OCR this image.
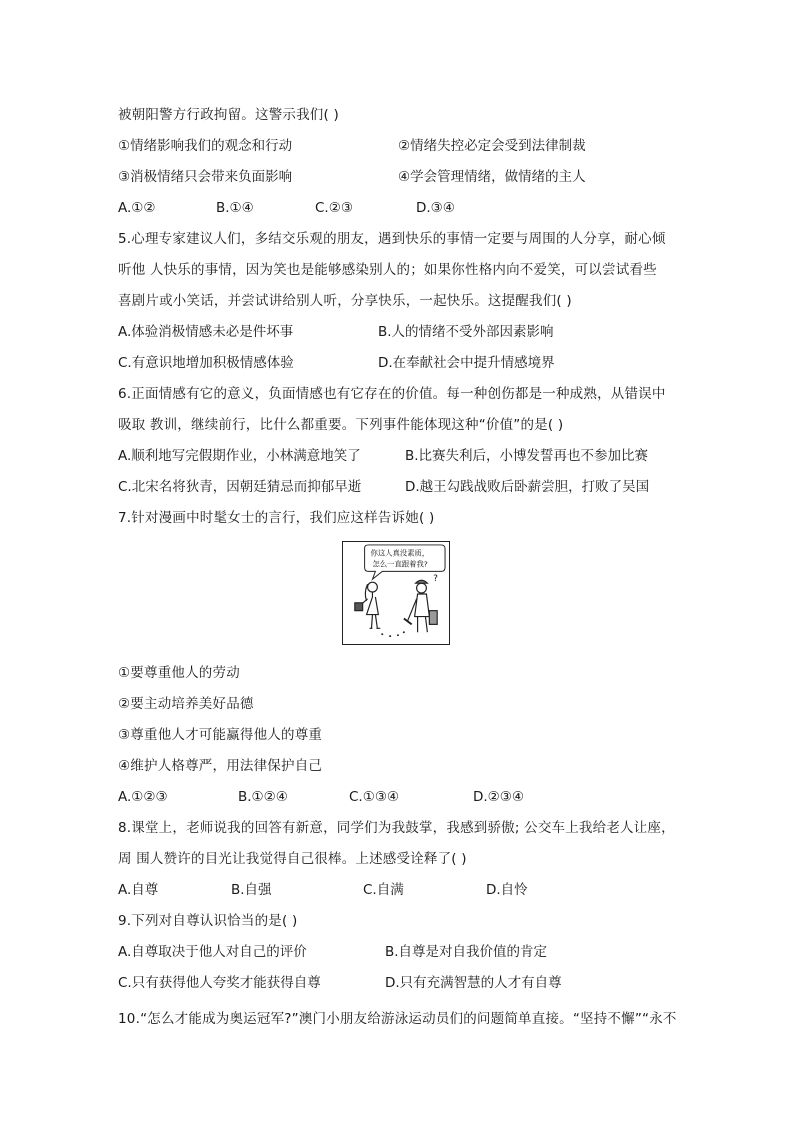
被朝阳警方行政拘留。这警示我们( )
①情绪影响我们的观念和行动	②情绪失控必定会受到法律制裁
③消极情绪只会带来负面影响	④学会管理情绪，做情绪的主人
A.①②	B.①④	C.②③	D.③④
5.心理专家建议人们，多结交乐观的朋友，遇到快乐的事情一定要与周围的人分享，耐心倾
听他 人快乐的事情，因为笑也是能够感染别人的；如果你性格内向不爱笑，可以尝试看些
喜剧片或小笑话，并尝试讲给别人听，分享快乐，一起快乐。这提醒我们( )
A.体验消极情感未必是件坏事	B.人的情绪不受外部因素影响
C.有意识地增加积极情感体验	D.在奉献社会中提升情感境界
6.正面情感有它的意义，负面情感也有它存在的价值。每一种创伤都是一种成熟，从错误中
吸取 教训，继续前行，比什么都重要。下列事件能体现这种“价值”的是( )
A.顺利地写完假期作业，小林满意地笑了	B.比赛失利后，小博发誓再也不参加比赛
C.北宋名将狄青，因朝廷猜忌而抑郁早逝	D.越王勾践战败后卧薪尝胆，打败了吴国
7.针对漫画中时髦女士的言行，我们应这样告诉她( )
你这人真没素质，
怎么一直跟着我?
?
①要尊重他人的劳动
②要主动培养美好品德
③尊重他人才可能赢得他人的尊重
④维护人格尊严，用法律保护自己
A.①②③	B.①②④	C.①③④	D.②③④
8.课堂上，老师说我的回答有新意，同学们为我鼓掌，我感到骄傲; 公交车上我给老人让座，
周 围人赞许的目光让我觉得自己很棒。上述感受诠释了( )
A.自尊	B.自强	C.自满	D.自怜
9.下列对自尊认识恰当的是( )
A.自尊取决于他人对自己的评价	B.自尊是对自我价值的肯定
C.只有获得他人夸奖才能获得自尊	D.只有充满智慧的人才有自尊
10.“怎么才能成为奥运冠军?”澳门小朋友给游泳运动员们的问题简单直接。“坚持不懈”“永不
